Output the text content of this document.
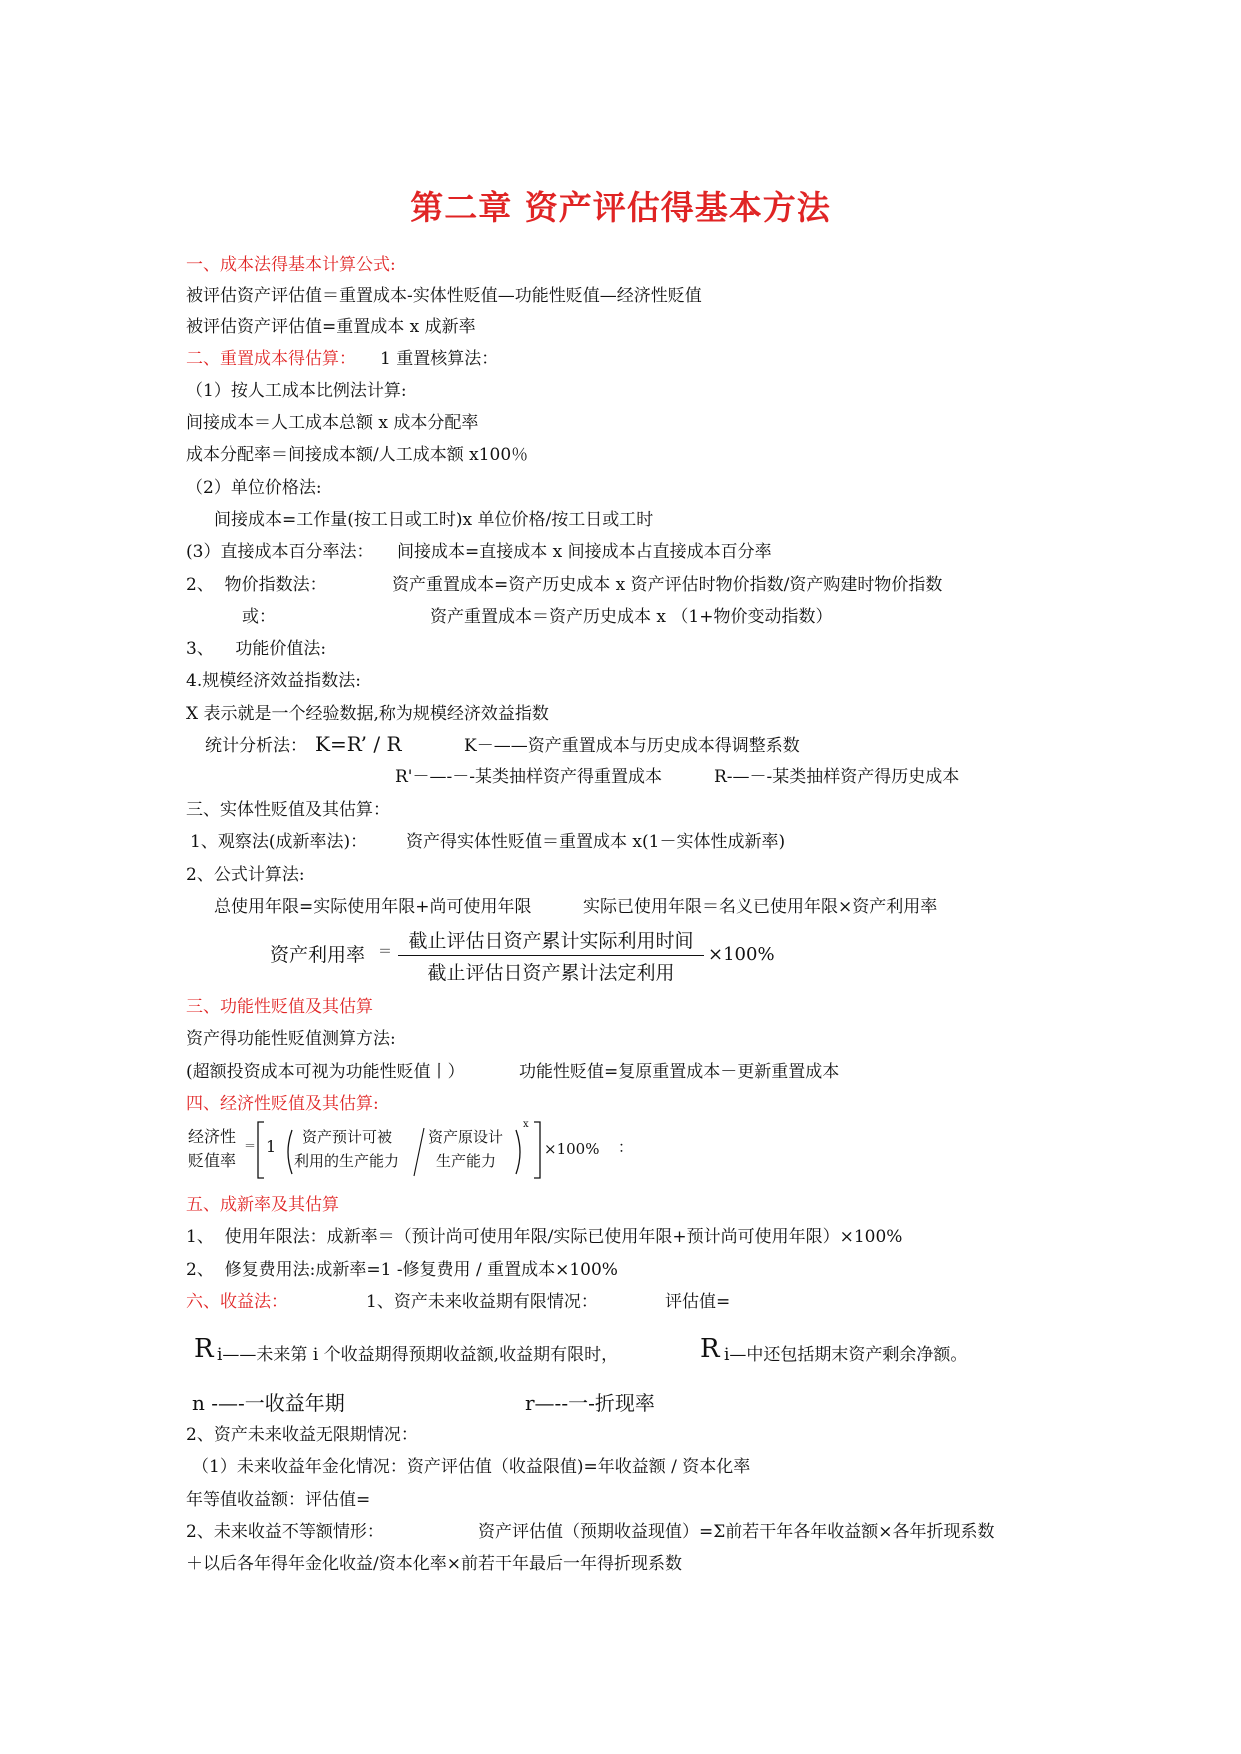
第二章 资产评估得基本方法
一、成本法得基本计算公式:
被评估资产评估值＝重置成本-实体性贬值—功能性贬值—经济性贬值
被评估资产评估值=重置成本 x 成新率
二、重置成本得估算： 1 重置核算法：
（1）按人工成本比例法计算:
间接成本＝人工成本总额 x 成本分配率
成本分配率＝间接成本额/人工成本额 x100％
（2）单位价格法:
间接成本=工作量(按工日或工时)x 单位价格/按工日或工时
(3）直接成本百分率法： 间接成本=直接成本 x 间接成本占直接成本百分率
2、  物价指数法：	资产重置成本=资产历史成本 x 资产评估时物价指数/资产购建时物价指数
或：	资产重置成本＝资产历史成本 x （1+物价变动指数）
3、    功能价值法:
4.规模经济效益指数法:
X 表示就是一个经验数据,称为规模经济效益指数
统计分析法： K=R’ / R	K－——资产重置成本与历史成本得调整系数
R'－—-－-某类抽样资产得重置成本	R-—－-某类抽样资产得历史成本
三、实体性贬值及其估算：
1、观察法(成新率法)： 资产得实体性贬值＝重置成本 x(1－实体性成新率)
2、公式计算法:
总使用年限=实际使用年限+尚可使用年限	实际已使用年限＝名义已使用年限×资产利用率
资产利用率 ＝ 截止评估日资产累计实际利用时间
截止评估日资产累计法定利用
×100%
三、功能性贬值及其估算
资产得功能性贬值测算方法:
(超额投资成本可视为功能性贬值丨）	功能性贬值=复原重置成本－更新重置成本
四、经济性贬值及其估算:
经济性
贬值率
＝ 1 资产预计可被
利用的生产能力
资产原设计
生产能力
x
×100% ：
五、成新率及其估算
1、  使用年限法：成新率＝（预计尚可使用年限/实际已使用年限+预计尚可使用年限）×100%
2、  修复费用法:成新率=1 -修复费用 / 重置成本×100%
六、收益法：	1、资产未来收益期有限情况：	评估值=
R i——未来第 i 个收益期得预期收益额,收益期有限时，	R i—中还包括期末资产剩余净额。
n -—-一收益年期	r—--一-折现率
2、资产未来收益无限期情况：
（1）未来收益年金化情况：资产评估值（收益限值)=年收益额 / 资本化率
年等值收益额：评估值=
2、未来收益不等额情形：	资产评估值（预期收益现值）=Σ前若干年各年收益额×各年折现系数
＋以后各年得年金化收益/资本化率×前若干年最后一年得折现系数
